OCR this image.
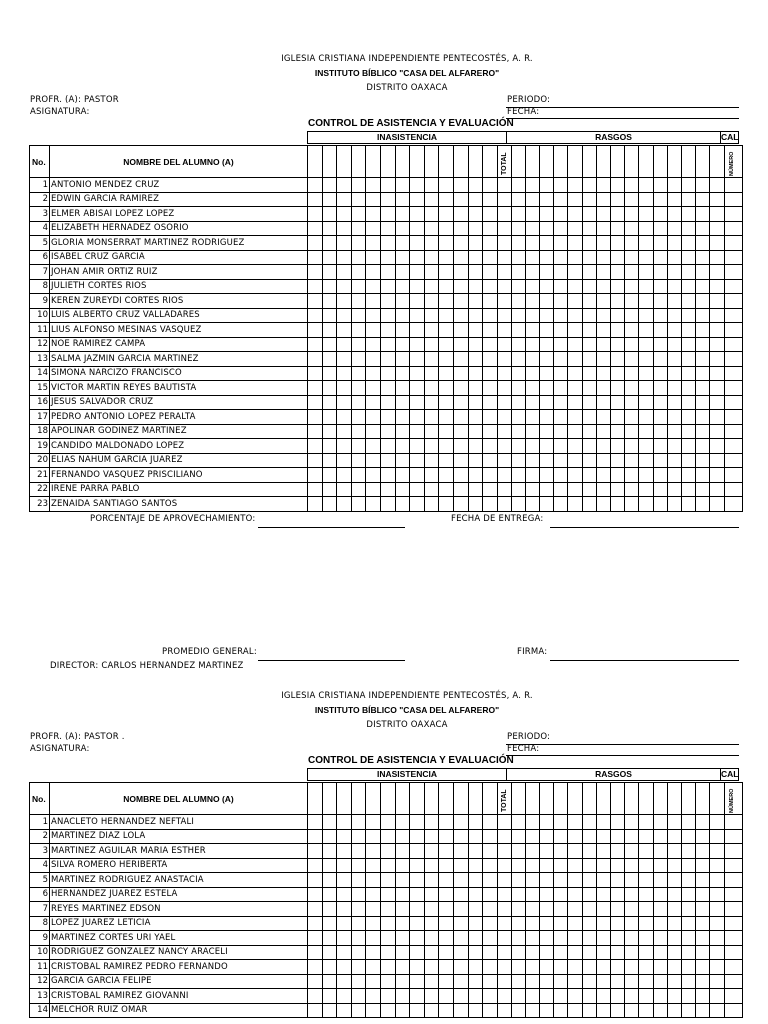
IGLESIA CRISTIANA INDEPENDIENTE PENTECOSTÉS, A. R.
INSTITUTO BÍBLICO "CASA DEL ALFARERO"
DISTRITO OAXACA
PROFR. (A): PASTOR
ASIGNATURA:
PERIODO:
FECHA:
CONTROL DE ASISTENCIA Y EVALUACIÓN
INASISTENCIA	RASGOS	CAL
No.	NOMBRE DEL ALUMNO (A)														TOTAL																NÚMERO

1	ANTONIO MENDEZ CRUZ																														
2	EDWIN GARCIA RAMIREZ																														
3	ELMER ABISAI LOPEZ LOPEZ																														
4	ELIZABETH HERNADEZ OSORIO																														
5	GLORIA MONSERRAT MARTINEZ RODRIGUEZ																														
6	ISABEL CRUZ GARCIA																														
7	JOHAN AMIR ORTIZ RUIZ																														
8	JULIETH CORTES RIOS																														
9	KEREN ZUREYDI CORTES RIOS																														
10	LUIS ALBERTO CRUZ VALLADARES																														
11	LIUS ALFONSO MESINAS VASQUEZ																														
12	NOE RAMIREZ CAMPA																														
13	SALMA JAZMIN GARCIA MARTINEZ																														
14	SIMONA NARCIZO FRANCISCO																														
15	VICTOR MARTIN REYES BAUTISTA																														
16	JESUS SALVADOR CRUZ																														
17	PEDRO ANTONIO LOPEZ PERALTA																														
18	APOLINAR GODINEZ MARTINEZ																														
19	CANDIDO MALDONADO LOPEZ																														
20	ELIAS NAHUM GARCIA JUAREZ																														
21	FERNANDO VASQUEZ PRISCILIANO																														
22	IRENE PARRA PABLO																														
23	ZENAIDA SANTIAGO SANTOS																														
PORCENTAJE DE APROVECHAMIENTO:	FECHA DE ENTREGA:
PROMEDIO GENERAL:	FIRMA:
DIRECTOR: CARLOS HERNANDEZ MARTINEZ
IGLESIA CRISTIANA INDEPENDIENTE PENTECOSTÉS, A. R.
INSTITUTO BÍBLICO "CASA DEL ALFARERO"
DISTRITO OAXACA
PROFR. (A): PASTOR .
ASIGNATURA:
PERIODO:
FECHA:
CONTROL DE ASISTENCIA Y EVALUACIÓN
INASISTENCIA	RASGOS	CAL
No.	NOMBRE DEL ALUMNO (A)														TOTAL																NÚMERO

1	ANACLETO HERNANDEZ NEFTALI																														
2	MARTINEZ DIAZ LOLA																														
3	MARTINEZ AGUILAR MARIA ESTHER																														
4	SILVA ROMERO HERIBERTA																														
5	MARTINEZ RODRIGUEZ ANASTACIA																														
6	HERNANDEZ JUAREZ ESTELA																														
7	REYES MARTINEZ EDSON																														
8	LOPEZ JUAREZ LETICIA																														
9	MARTINEZ CORTES URI YAEL																														
10	RODRIGUEZ GONZALEZ NANCY ARACELI																														
11	CRISTOBAL RAMIREZ PEDRO FERNANDO																														
12	GARCIA GARCIA FELIPE																														
13	CRISTOBAL RAMIREZ GIOVANNI																														
14	MELCHOR RUIZ OMAR																														
